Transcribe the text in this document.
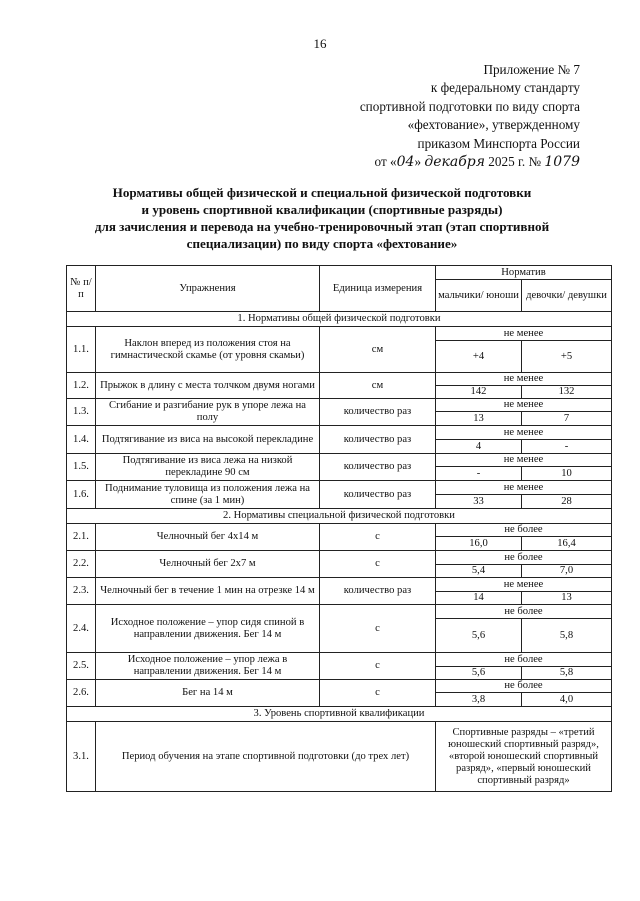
16
Приложение № 7
к федеральному стандарту
спортивной подготовки по виду спорта
«фехтование», утвержденному
приказом Минспорта России
от «04» декабря 2025 г. № 1079
Нормативы общей физической и специальной физической подготовки
и уровень спортивной квалификации (спортивные разряды)
для зачисления и перевода на учебно-тренировочный этап (этап спортивной
специализации) по виду спорта «фехтование»
№ п/п	Упражнения	Единица измерения	Норматив	
			мальчики/ юноши	девочки/ девушки
1. Нормативы общей физической подготовки				
1.1.	Наклон вперед из положения стоя на гимнастической скамье (от уровня скамьи)	см	не менее	
			+4	+5
1.2.	Прыжок в длину с места толчком двумя ногами	см	не менее	
			142	132
1.3.	Сгибание и разгибание рук в упоре лежа на полу	количество раз	не менее	
			13	7
1.4.	Подтягивание из виса на высокой перекладине	количество раз	не менее	
			4	-
1.5.	Подтягивание из виса лежа на низкой перекладине 90 см	количество раз	не менее	
			-	10
1.6.	Поднимание туловища из положения лежа на спине (за 1 мин)	количество раз	не менее	
			33	28
2. Нормативы специальной физической подготовки				
2.1.	Челночный бег 4х14 м	с	не более	
			16,0	16,4
2.2.	Челночный бег 2х7 м	с	не более	
			5,4	7,0
2.3.	Челночный бег в течение 1 мин на отрезке 14 м	количество раз	не менее	
			14	13
2.4.	Исходное положение – упор сидя спиной в направлении движения. Бег 14 м	с	не более	
			5,6	5,8
2.5.	Исходное положение – упор лежа в направлении движения. Бег 14 м	с	не более	
			5,6	5,8
2.6.	Бег на 14 м	с	не более	
			3,8	4,0
3. Уровень спортивной квалификации				
3.1.	Период обучения на этапе спортивной подготовки (до трех лет)		Спортивные разряды – «третий юношеский спортивный разряд», «второй юношеский спортивный разряд», «первый юношеский спортивный разряд»	
